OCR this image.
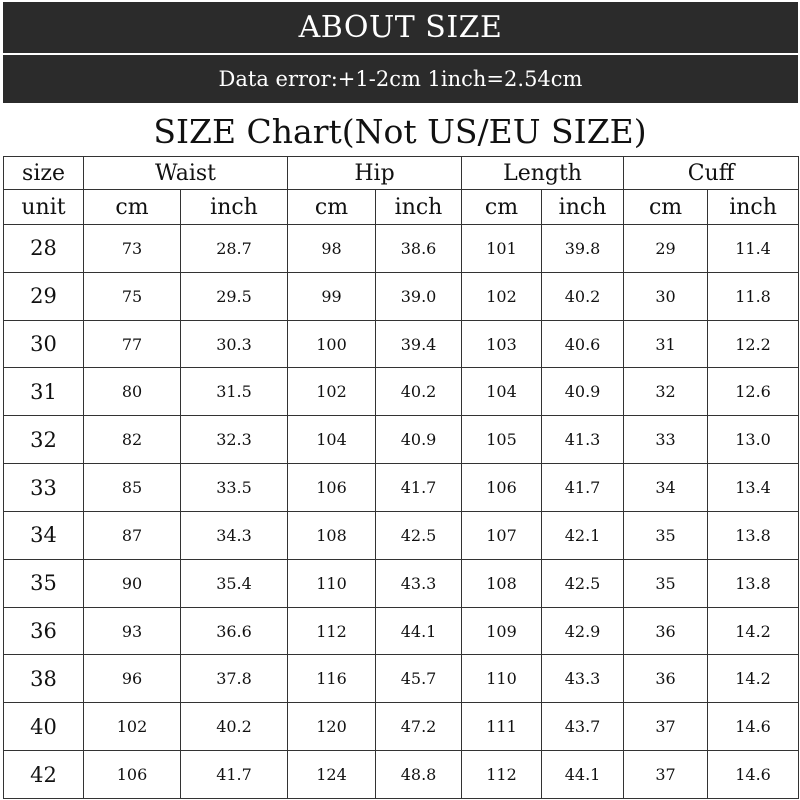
ABOUT SIZE
Data error:+1-2cm 1inch=2.54cm
SIZE Chart(Not US/EU SIZE)
size	Waist		Hip		Length		Cuff	
unit	cm	inch	cm	inch	cm	inch	cm	inch
28	73	28.7	98	38.6	101	39.8	29	11.4
29	75	29.5	99	39.0	102	40.2	30	11.8
30	77	30.3	100	39.4	103	40.6	31	12.2
31	80	31.5	102	40.2	104	40.9	32	12.6
32	82	32.3	104	40.9	105	41.3	33	13.0
33	85	33.5	106	41.7	106	41.7	34	13.4
34	87	34.3	108	42.5	107	42.1	35	13.8
35	90	35.4	110	43.3	108	42.5	35	13.8
36	93	36.6	112	44.1	109	42.9	36	14.2
38	96	37.8	116	45.7	110	43.3	36	14.2
40	102	40.2	120	47.2	111	43.7	37	14.6
42	106	41.7	124	48.8	112	44.1	37	14.6
